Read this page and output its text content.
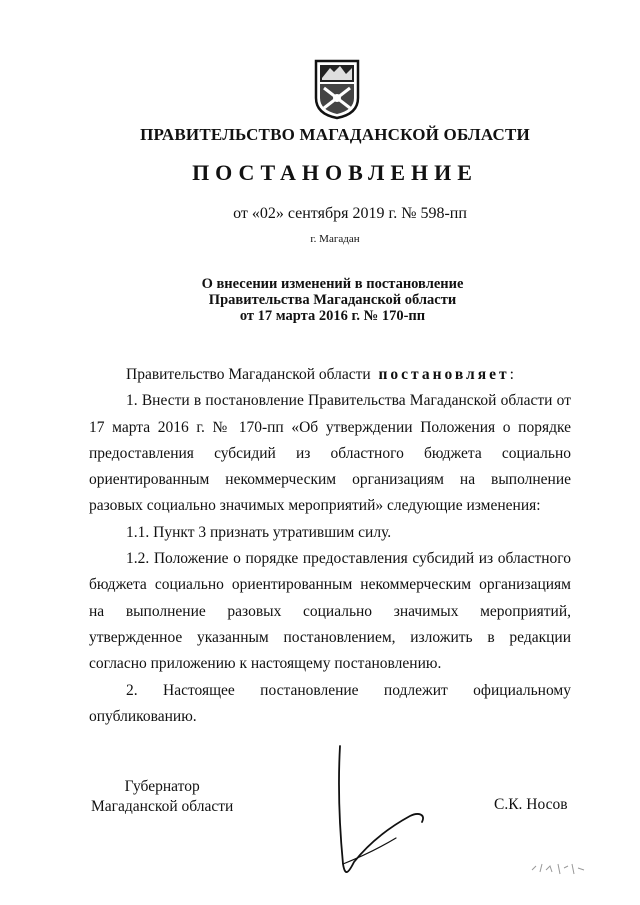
ПРАВИТЕЛЬСТВО МАГАДАНСКОЙ ОБЛАСТИ
ПОСТАНОВЛЕНИЕ
от «02» сентября 2019 г. № 598-пп
г. Магадан
О внесении изменений в постановление
Правительства Магаданской области
от 17 марта 2016 г. № 170-пп

Правительство Магаданской области постановляет:

1. Внести в постановление Правительства Магаданской области от 17 марта 2016 г. № 170-пп «Об утверждении Положения о порядке предоставления субсидий из областного бюджета социально ориентированным некоммерческим организациям на выполнение разовых социально значимых мероприятий» следующие изменения:

1.1. Пункт 3 признать утратившим силу.

1.2. Положение о порядке предоставления субсидий из областного бюджета социально ориентированным некоммерческим организациям на выполнение разовых социально значимых мероприятий, утвержденное указанным постановлением, изложить в редакции согласно приложению к настоящему постановлению.

2. Настоящее постановление подлежит официальному опубликованию.

Губернатор
Магаданской области	С.К. Носов
